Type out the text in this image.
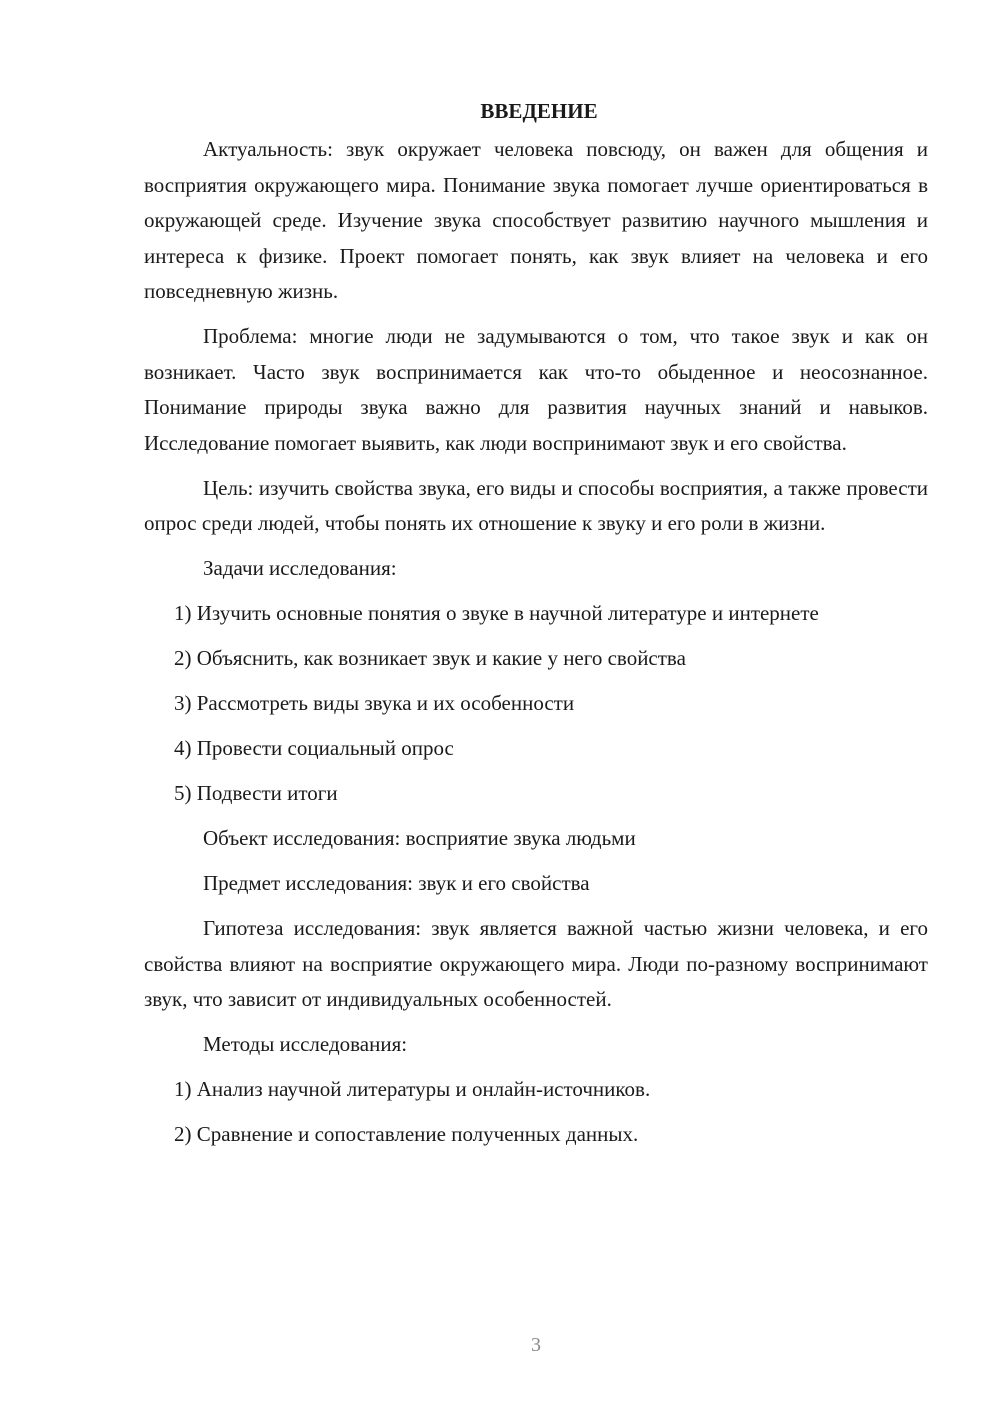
ВВЕДЕНИЕ

Актуальность: звук окружает человека повсюду, он важен для общения и восприятия окружающего мира. Понимание звука помогает лучше ориентироваться в окружающей среде. Изучение звука способствует развитию научного мышления и интереса к физике. Проект помогает понять, как звук влияет на человека и его повседневную жизнь.

Проблема: многие люди не задумываются о том, что такое звук и как он возникает. Часто звук воспринимается как что-то обыденное и неосознанное. Понимание природы звука важно для развития научных знаний и навыков. Исследование помогает выявить, как люди воспринимают звук и его свойства.

Цель: изучить свойства звука, его виды и способы восприятия, а также провести опрос среди людей, чтобы понять их отношение к звуку и его роли в жизни.

Задачи исследования:

1) Изучить основные понятия о звуке в научной литературе и интернете

2) Объяснить, как возникает звук и какие у него свойства

3) Рассмотреть виды звука и их особенности

4) Провести социальный опрос

5) Подвести итоги

Объект исследования: восприятие звука людьми

Предмет исследования: звук и его свойства

Гипотеза исследования: звук является важной частью жизни человека, и его свойства влияют на восприятие окружающего мира. Люди по-разному воспринимают звук, что зависит от индивидуальных особенностей.

Методы исследования:

1) Анализ научной литературы и онлайн-источников.

2) Сравнение и сопоставление полученных данных.

3
